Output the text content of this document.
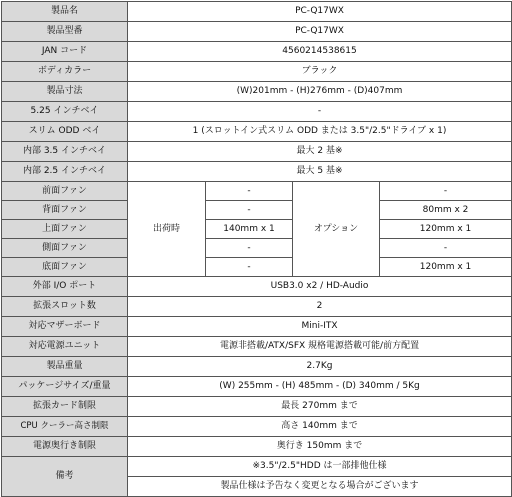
製品名	PC-Q17WX			
製品型番	PC-Q17WX			
JAN コード	4560214538615			
ボディカラー	ブラック			
製品寸法	(W)201mm - (H)276mm - (D)407mm			
5.25 インチベイ	-			
スリム ODD ベイ	1 (スロットイン式スリム ODD または 3.5"/2.5"ドライブ x 1)			
内部 3.5 インチベイ	最大 2 基※			
内部 2.5 インチベイ	最大 5 基※			
前面ファン	出荷時	-	オプション	-
背面ファン		-		80mm x 2
上面ファン		140mm x 1		120mm x 1
側面ファン		-		-
底面ファン		-		120mm x 1
外部 I/O ポート	USB3.0 x2 / HD-Audio			
拡張スロット数	2			
対応マザーボード	Mini-ITX			
対応電源ユニット	電源非搭載/ATX/SFX 規格電源搭載可能/前方配置			
製品重量	2.7Kg			
パッケージサイズ/重量	(W) 255mm - (H) 485mm - (D) 340mm / 5Kg			
拡張カード制限	最長 270mm まで			
CPU クーラー高さ制限	高さ 140mm まで			
電源奥行き制限	奥行き 150mm まで			
備考	※3.5"/2.5"HDD は一部排他仕様			
	製品仕様は予告なく変更となる場合がございます			
